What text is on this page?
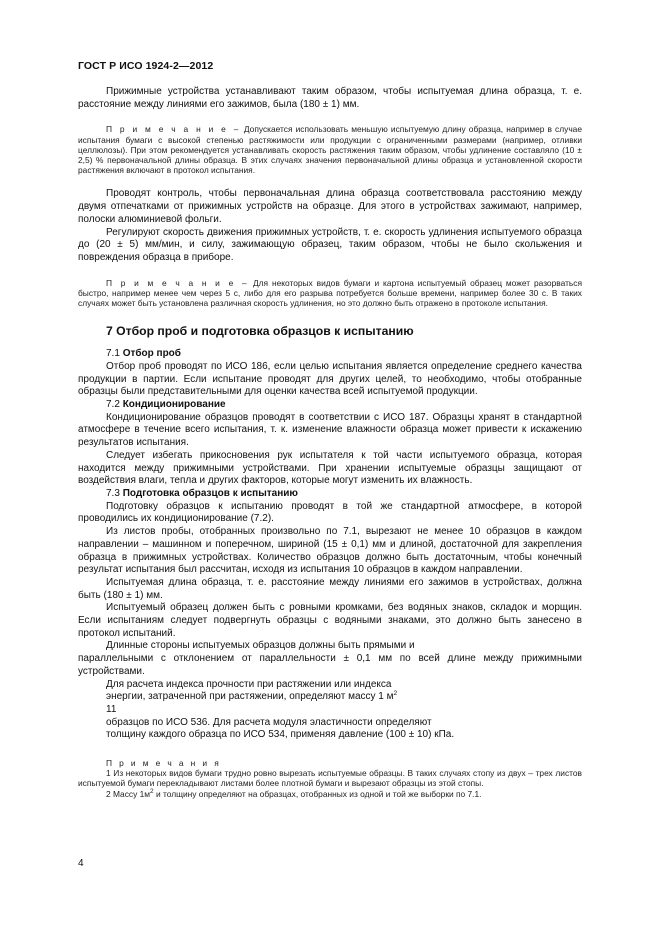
ГОСТ Р ИСО 1924-2—2012

Прижимные устройства устанавливают таким образом, чтобы испытуемая длина образца, т. е. расстояние между линиями его зажимов, была (180 ± 1) мм.

П р и м е ч а н и е – Допускается использовать меньшую испытуемую длину образца, например в случае испытания бумаги с высокой степенью растяжимости или продукции с ограниченными размерами (например, отливки целлюлозы). При этом рекомендуется устанавливать скорость растяжения таким образом, чтобы удлинение составляло (10 ± 2,5) % первоначальной длины образца. В этих случаях значения первоначальной длины образца и установленной скорости растяжения включают в протокол испытания.

Проводят контроль, чтобы первоначальная длина образца соответствовала расстоянию между двумя отпечатками от прижимных устройств на образце. Для этого в устройствах зажимают, например, полоски алюминиевой фольги.

Регулируют скорость движения прижимных устройств, т. е. скорость удлинения испытуемого образца до (20 ± 5) мм/мин, и силу, зажимающую образец, таким образом, чтобы не было скольжения и повреждения образца в приборе.

П р и м е ч а н и е – Для некоторых видов бумаги и картона испытуемый образец может разорваться быстро, например менее чем через 5 с, либо для его разрыва потребуется больше времени, например более 30 с. В таких случаях может быть установлена различная скорость удлинения, но это должно быть отражено в протоколе испытания.

7 Отбор проб и подготовка образцов к испытанию

7.1 Отбор проб

Отбор проб проводят по ИСО 186, если целью испытания является определение среднего качества продукции в партии. Если испытание проводят для других целей, то необходимо, чтобы отобранные образцы были представительными для оценки качества всей испытуемой продукции.

7.2 Кондиционирование

Кондиционирование образцов проводят в соответствии с ИСО 187. Образцы хранят в стандартной атмосфере в течение всего испытания, т. к. изменение влажности образца может привести к искажению результатов испытания.

Следует избегать прикосновения рук испытателя к той части испытуемого образца, которая находится между прижимными устройствами. При хранении испытуемые образцы защищают от воздействия влаги, тепла и других факторов, которые могут изменить их влажность.

7.3 Подготовка образцов к испытанию

Подготовку образцов к испытанию проводят в той же стандартной атмосфере, в которой проводились их кондиционирование (7.2).

Из листов пробы, отобранных произвольно по 7.1, вырезают не менее 10 образцов в каждом направлении – машинном и поперечном, шириной (15 ± 0,1) мм и длиной, достаточной для закрепления образца в прижимных устройствах. Количество образцов должно быть достаточным, чтобы конечный результат испытания был рассчитан, исходя из испытания 10 образцов в каждом направлении.

Испытуемая длина образца, т. е. расстояние между линиями его зажимов в устройствах, должна быть (180 ± 1) мм.

Испытуемый образец должен быть с ровными кромками, без водяных знаков, складок и морщин. Если испытаниям следует подвергнуть образцы с водяными знаками, это должно быть занесено в протокол испытаний.

Длинные стороны испытуемых образцов должны быть прямыми и

параллельными с отклонением от параллельности ± 0,1 мм по всей длине между прижимными устройствами.

Для расчета индекса прочности при растяжении или индекса

энергии, затраченной при растяжении, определяют массу 1 $м^2$

11

образцов по ИСО 536. Для расчета модуля эластичности определяют

толщину каждого образца по ИСО 534, применяя давление (100 ± 10) кПа.

П р и м е ч а н и я

1 Из некоторых видов бумаги трудно ровно вырезать испытуемые образцы. В таких случаях стопу из двух – трех листов испытуемой бумаги перекладывают листами более плотной бумаги и вырезают образцы из этой стопы.

2 Массу $1м^2$ и толщину определяют на образцах, отобранных из одной и той же выборки по 7.1.

4
